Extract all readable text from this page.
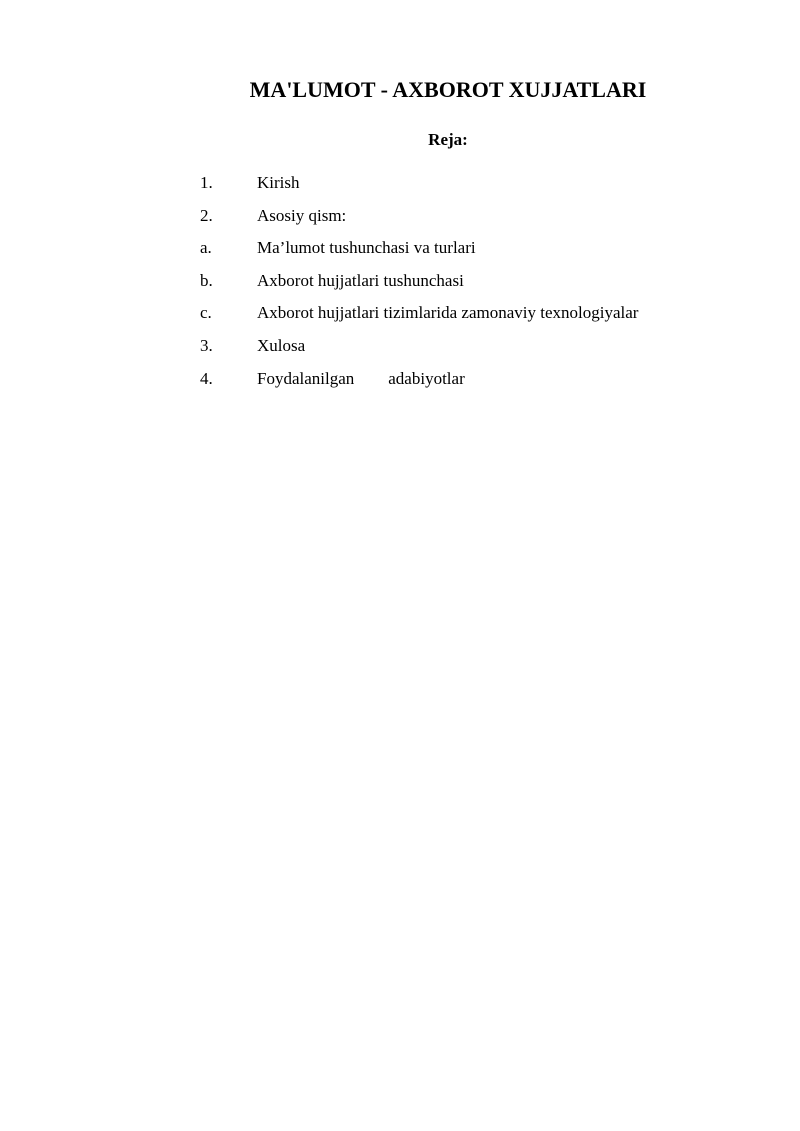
MA'LUMOT - AXBOROT XUJJATLARI
Reja:
1.	Kirish
2.	Asosiy qism:
a.	Ma’lumot tushunchasi va turlari
b.	Axborot hujjatlari tushunchasi
c.	Axborot hujjatlari tizimlarida zamonaviy texnologiyalar
3.	Xulosa
4.	Foydalanilgan adabiyotlar
